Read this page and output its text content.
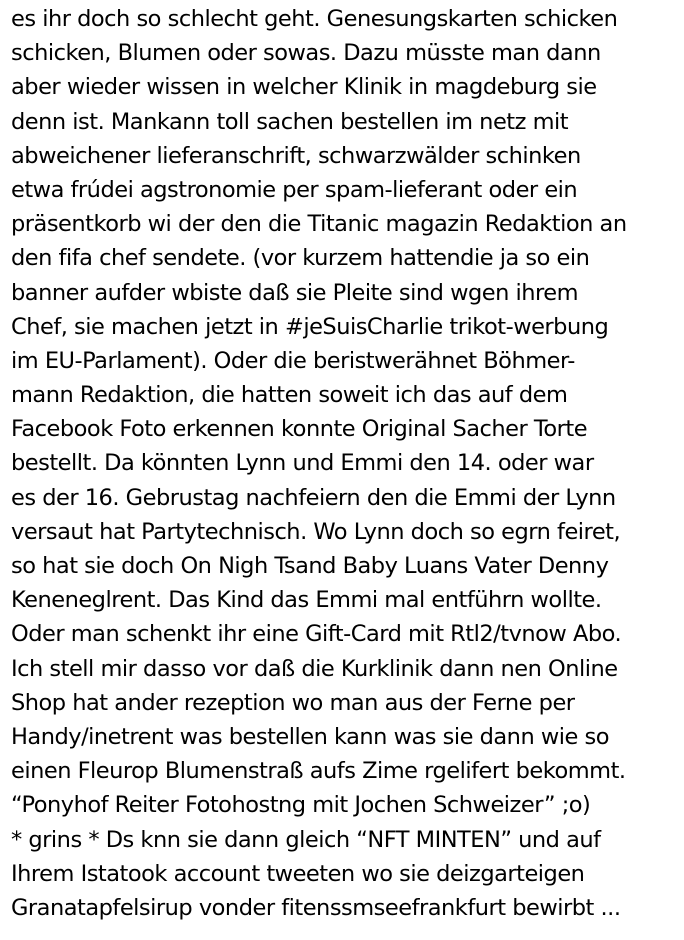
es ihr doch so schlecht geht. Genesungskarten schicken
schicken, Blumen oder sowas. Dazu müsste man dann
aber wieder wissen in welcher Klinik in magdeburg sie
denn ist. Mankann toll sachen bestellen im netz mit
abweichener lieferanschrift, schwarzwälder schinken
etwa frúdei agstronomie per spam-lieferant oder ein
präsentkorb wi der den die Titanic magazin Redaktion an
den fifa chef sendete. (vor kurzem hattendie ja so ein
banner aufder wbiste daß sie Pleite sind wgen ihrem
Chef, sie machen jetzt in #jeSuisCharlie trikot-werbung
im EU-Parlament). Oder die beristwerähnet Böhmer-
mann Redaktion, die hatten soweit ich das auf dem
Facebook Foto erkennen konnte Original Sacher Torte
bestellt. Da könnten Lynn und Emmi den 14. oder war
es der 16. Gebrustag nachfeiern den die Emmi der Lynn
versaut hat Partytechnisch. Wo Lynn doch so egrn feiret,
so hat sie doch On Nigh Tsand Baby Luans Vater Denny
Keneneglrent. Das Kind das Emmi mal entführn wollte.
Oder man schenkt ihr eine Gift-Card mit Rtl2/tvnow Abo.
Ich stell mir dasso vor daß die Kurklinik dann nen Online
Shop hat ander rezeption wo man aus der Ferne per
Handy/inetrent was bestellen kann was sie dann wie so
einen Fleurop Blumenstraß aufs Zime rgelifert bekommt.
“Ponyhof Reiter Fotohostng mit Jochen Schweizer” ;o)
* grins * Ds knn sie dann gleich “NFT MINTEN” und auf
Ihrem Istatook account tweeten wo sie deizgarteigen
Granatapfelsirup vonder fitenssmseefrankfurt bewirbt ...
